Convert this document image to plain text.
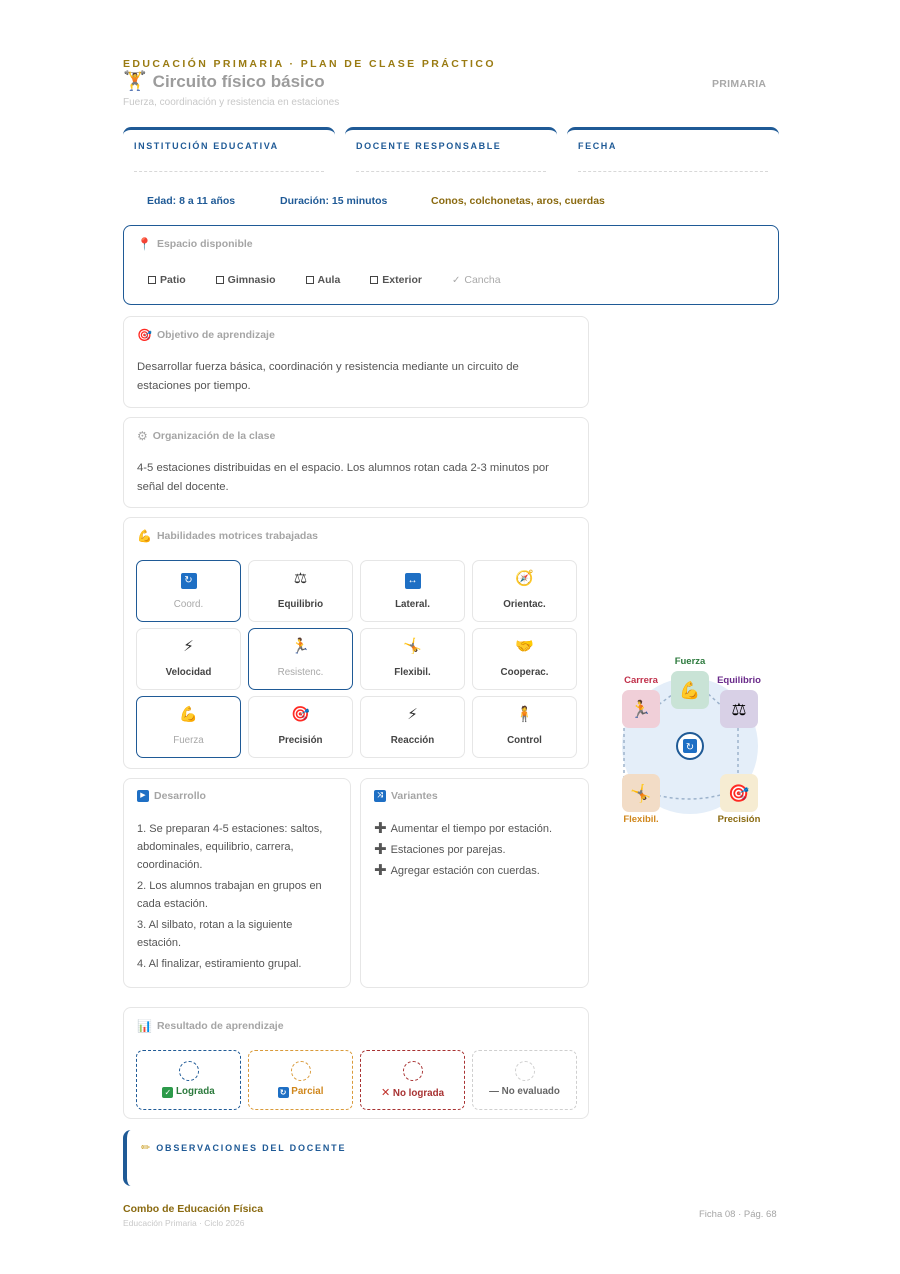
EDUCACIÓN PRIMARIA · PLAN DE CLASE PRÁCTICO
🏋 Circuito físico básico
Fuerza, coordinación y resistencia en estaciones
PRIMARIA
INSTITUCIÓN EDUCATIVA	DOCENTE RESPONSABLE	FECHA
Edad: 8 a 11 años	Duración: 15 minutos	Conos, colchonetas, aros, cuerdas
📍 Espacio disponible
Patio	Gimnasio	Aula	Exterior	✓ Cancha
🎯 Objetivo de aprendizaje
Desarrollar fuerza básica, coordinación y resistencia mediante un circuito de estaciones por tiempo.
⚙ Organización de la clase
4-5 estaciones distribuidas en el espacio. Los alumnos rotan cada 2-3 minutos por señal del docente.
💪 Habilidades motrices trabajadas
↻
Coord.
⚖
Equilibrio
↔
Lateral.
🧭
Orientac.
⚡
Velocidad
🏃
Resistenc.
🤸
Flexibil.
🤝
Cooperac.
💪
Fuerza
🎯
Precisión
⚡
Reacción
🧍
Control
▶ Desarrollo
1. Se preparan 4-5 estaciones: saltos, abdominales, equilibrio, carrera, coordinación.
2. Los alumnos trabajan en grupos en cada estación.
3. Al silbato, rotan a la siguiente estación.
4. Al finalizar, estiramiento grupal.
⤨ Variantes
✚ Aumentar el tiempo por estación.
✚ Estaciones por parejas.
✚ Agregar estación con cuerdas.
📊 Resultado de aprendizaje
✓ Lograda	↻ Parcial	✕ No lograda	— No evaluado
✏ OBSERVACIONES DEL DOCENTE
↻
💪
Fuerza
⚖
Equilibrio
🎯
Precisión
🤸
Flexibil.
🏃
Carrera
Combo de Educación Física
Educación Primaria · Ciclo 2026
Ficha 08 · Pág. 68
